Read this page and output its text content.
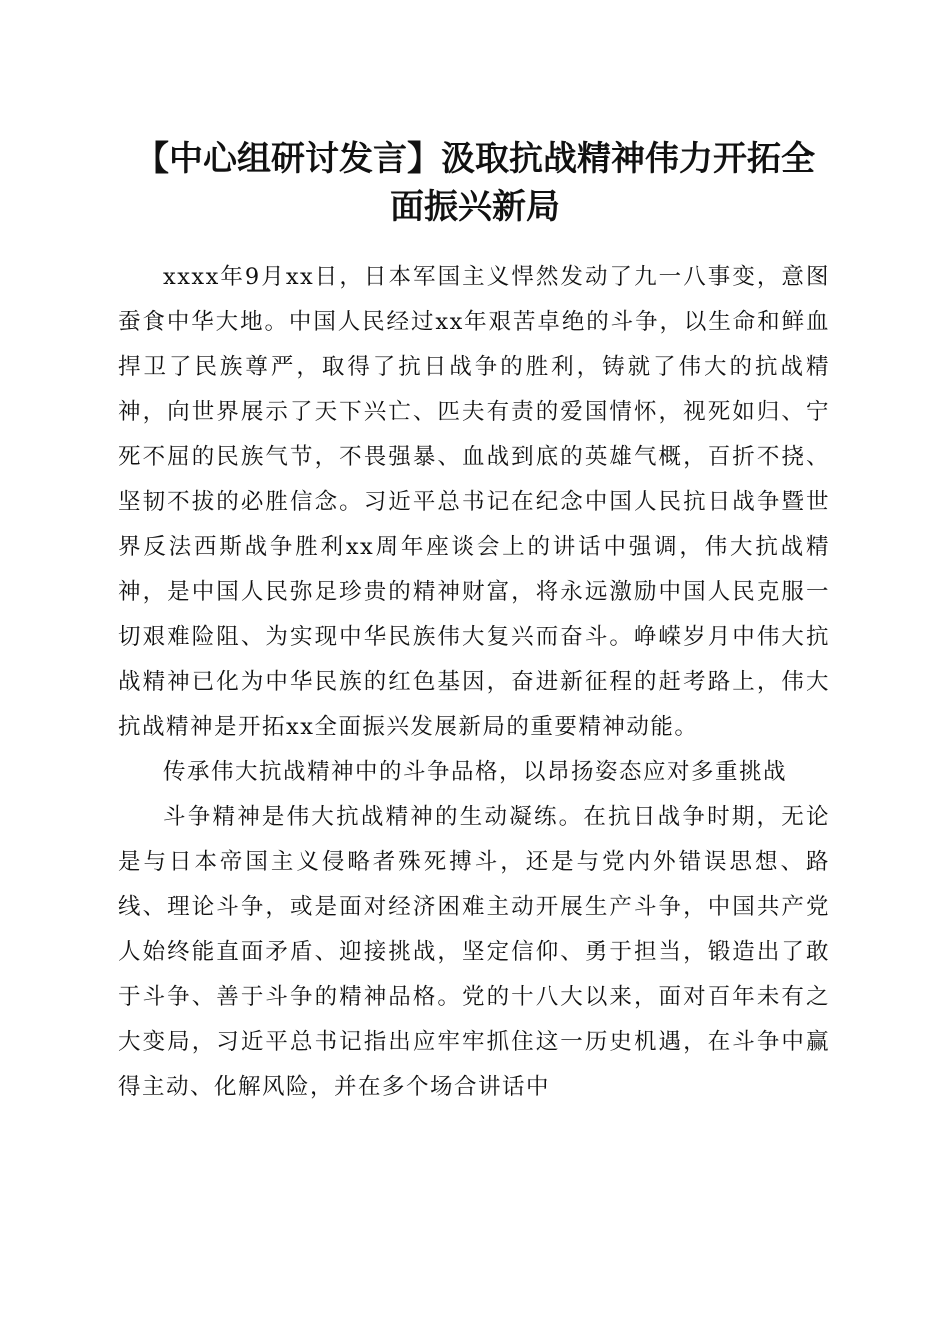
【中心组研讨发言】汲取抗战精神伟力开拓全
面振兴新局

xxxx年9月xx日，日本军国主义悍然发动了九一八事变，意图蚕食中华大地。中国人民经过xx年艰苦卓绝的斗争，以生命和鲜血捍卫了民族尊严，取得了抗日战争的胜利，铸就了伟大的抗战精神，向世界展示了天下兴亡、匹夫有责的爱国情怀，视死如归、宁死不屈的民族气节，不畏强暴、血战到底的英雄气概，百折不挠、坚韧不拔的必胜信念。习近平总书记在纪念中国人民抗日战争暨世界反法西斯战争胜利xx周年座谈会上的讲话中强调，伟大抗战精神，是中国人民弥足珍贵的精神财富，将永远激励中国人民克服一切艰难险阻、为实现中华民族伟大复兴而奋斗。峥嵘岁月中伟大抗战精神已化为中华民族的红色基因，奋进新征程的赶考路上，伟大抗战精神是开拓xx全面振兴发展新局的重要精神动能。

传承伟大抗战精神中的斗争品格，以昂扬姿态应对多重挑战

斗争精神是伟大抗战精神的生动凝练。在抗日战争时期，无论是与日本帝国主义侵略者殊死搏斗，还是与党内外错误思想、路线、理论斗争，或是面对经济困难主动开展生产斗争，中国共产党人始终能直面矛盾、迎接挑战，坚定信仰、勇于担当，锻造出了敢于斗争、善于斗争的精神品格。党的十八大以来，面对百年未有之大变局，习近平总书记指出应牢牢抓住这一历史机遇，在斗争中赢得主动、化解风险，并在多个场合讲话中
